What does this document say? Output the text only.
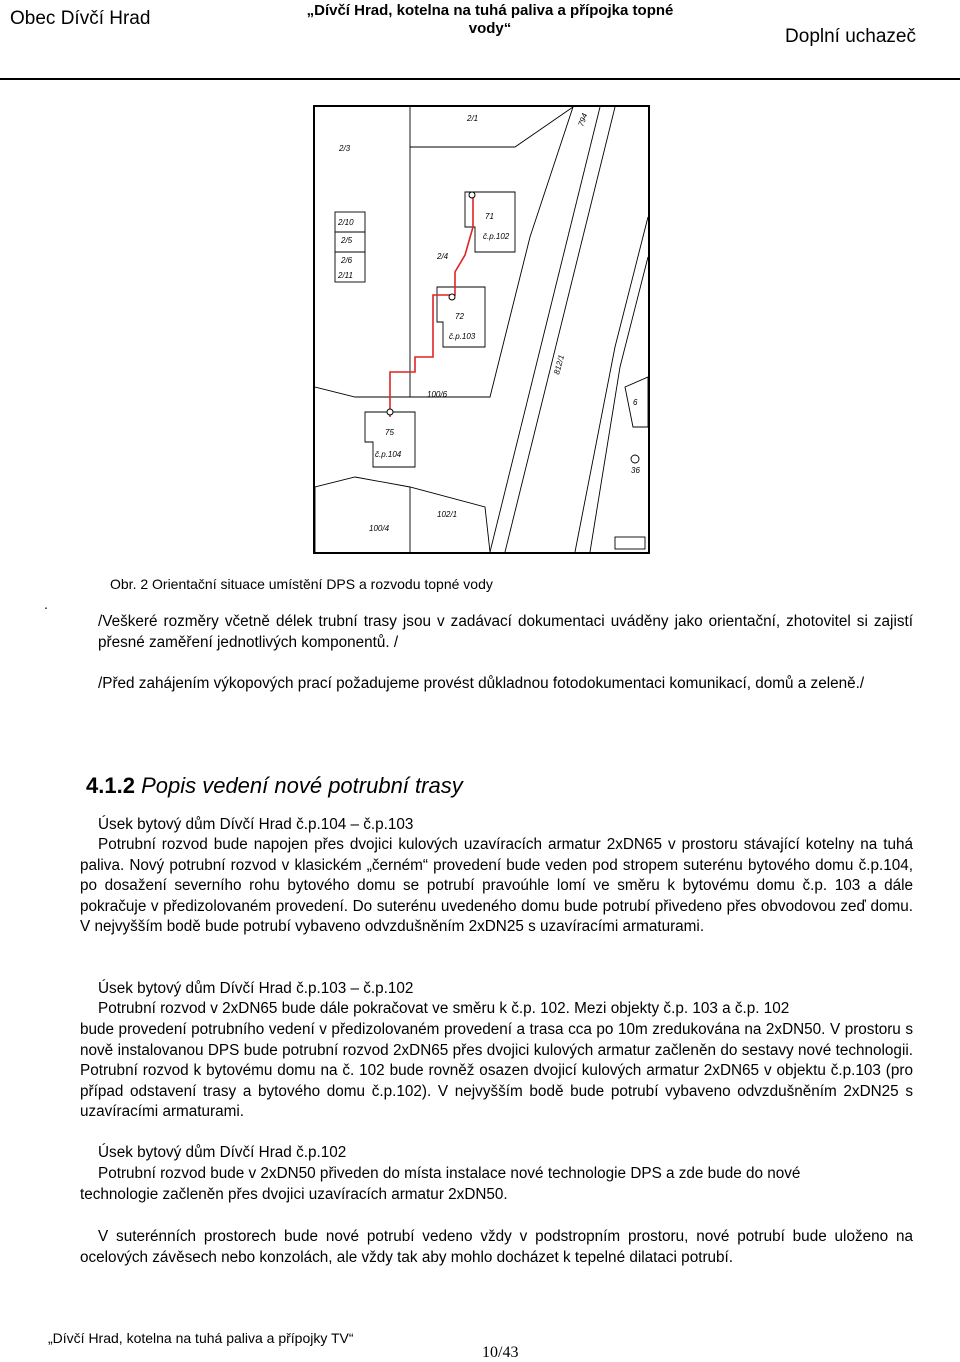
Obec Dívčí Hrad	„Dívčí Hrad, kotelna na tuhá paliva a přípojka topné vody“	Doplní uchazeč
2/1
2/3
794
2/10
2/5
2/6
2/11
71
č.p.102
2/4
72
č.p.103
812/1
100/6
6
75
č.p.104
36
102/1
100/4
Obr. 2 Orientační situace umístění DPS a rozvodu topné vody
.
/Veškeré rozměry včetně délek trubní trasy jsou v zadávací dokumentaci uváděny jako orientační, zhotovitel si zajistí přesné zaměření jednotlivých komponentů. /
/Před zahájením výkopových prací požadujeme provést důkladnou fotodokumentaci komunikací, domů a zeleně./
4.1.2 Popis vedení nové potrubní trasy
Úsek bytový dům Dívčí Hrad č.p.104 – č.p.103
Potrubní rozvod bude napojen přes dvojici kulových uzavíracích armatur 2xDN65 v prostoru stávající kotelny na tuhá paliva. Nový potrubní rozvod v klasickém „černém“ provedení bude veden pod stropem suterénu bytového domu č.p.104, po dosažení severního rohu bytového domu se potrubí pravoúhle lomí ve směru k bytovému domu č.p. 103 a dále pokračuje v předizolovaném provedení. Do suterénu uvedeného domu bude potrubí přivedeno přes obvodovou zeď domu. V nejvyšším bodě bude potrubí vybaveno odvzdušněním 2xDN25 s uzavíracími armaturami.
Úsek bytový dům Dívčí Hrad č.p.103 – č.p.102
Potrubní rozvod v 2xDN65 bude dále pokračovat ve směru k č.p. 102. Mezi objekty č.p. 103 a č.p. 102
bude provedení potrubního vedení v předizolovaném provedení a trasa cca po 10m zredukována na 2xDN50. V prostoru s nově instalovanou DPS bude potrubní rozvod 2xDN65 přes dvojici kulových armatur začleněn do sestavy nové technologii. Potrubní rozvod k bytovému domu na č. 102 bude rovněž osazen dvojicí kulových armatur 2xDN65 v objektu č.p.103 (pro případ odstavení trasy a bytového domu č.p.102). V nejvyšším bodě bude potrubí vybaveno odvzdušněním 2xDN25 s uzavíracími armaturami.
Úsek bytový dům Dívčí Hrad č.p.102
Potrubní rozvod bude v 2xDN50 přiveden do místa instalace nové technologie DPS a zde bude do nové
technologie začleněn přes dvojici uzavíracích armatur 2xDN50.
V suterénních prostorech bude nové potrubí vedeno vždy v podstropním prostoru, nové potrubí bude uloženo na ocelových závěsech nebo konzolách, ale vždy tak aby mohlo docházet k tepelné dilataci potrubí.
„Dívčí Hrad, kotelna na tuhá paliva a přípojky TV“
10/43
